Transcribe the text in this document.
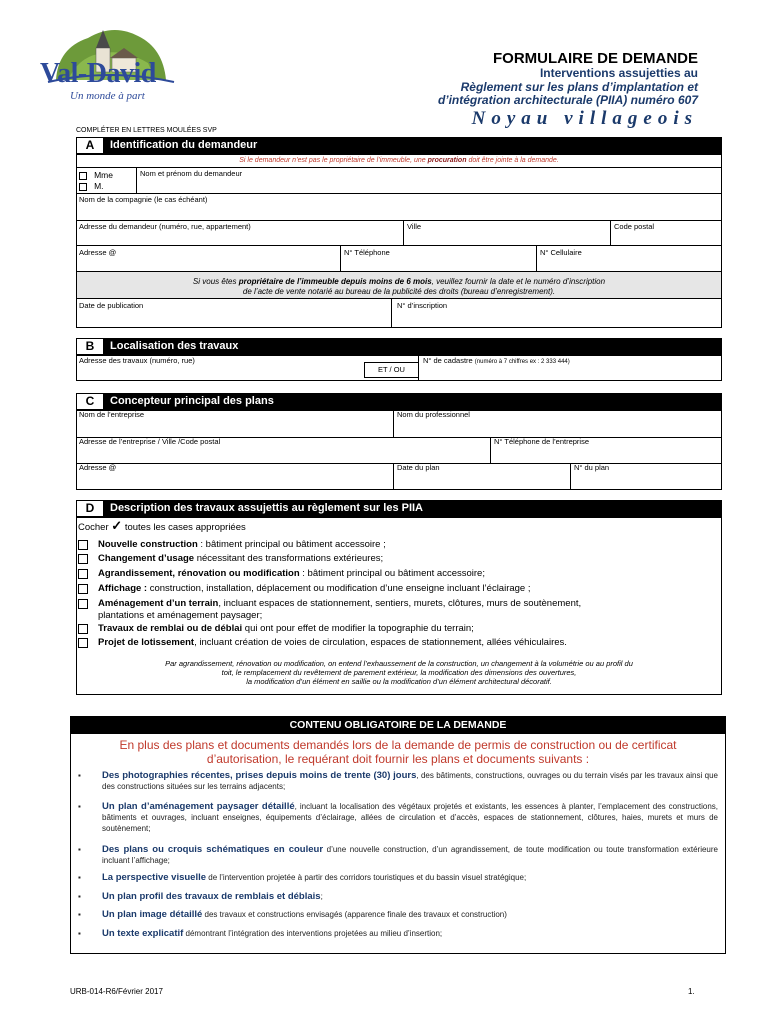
Val-David
Un monde à part
FORMULAIRE DE DEMANDE
Interventions assujetties au
Règlement sur les plans d’implantation et
d’intégration architecturale (PIIA) numéro 607
Noyau villageois
COMPLÉTER EN LETTRES MOULÉES SVP
A	Identification du demandeur
Si le demandeur n’est pas le propriétaire de l’immeuble, une procuration doit être jointe à la demande.
Mme
M.
Nom et prénom du demandeur
Nom de la compagnie (le cas échéant)
Adresse du demandeur (numéro, rue, appartement)	Ville	Code postal
Adresse @	N° Téléphone	N° Cellulaire
Si vous êtes propriétaire de l’immeuble depuis moins de 6 mois, veuillez fournir la date et le numéro d’inscription
de l’acte de vente notarié au bureau de la publicité des droits (bureau d’enregistrement).
Date de publication	N° d’inscription
B	Localisation des travaux
Adresse des travaux (numéro, rue)
ET / OU
N° de cadastre (numéro à 7 chiffres ex : 2 333 444)
C	Concepteur principal des plans
Nom de l’entreprise	Nom du professionnel
Adresse de l’entreprise / Ville /Code postal	N° Téléphone de l’entreprise
Adresse @	Date du plan	N° du plan
D	Description des travaux assujettis au règlement sur les PIIA
Cocher ✓ toutes les cases appropriées
Nouvelle construction : bâtiment principal ou bâtiment accessoire ;
Changement d’usage nécessitant des transformations extérieures;
Agrandissement, rénovation ou modification : bâtiment principal ou bâtiment accessoire;
Affichage : construction, installation, déplacement ou modification d’une enseigne incluant l’éclairage ;
Aménagement d’un terrain, incluant espaces de stationnement, sentiers, murets, clôtures, murs de soutènement,
plantations et aménagement paysager;
Travaux de remblai ou de déblai qui ont pour effet de modifier la topographie du terrain;
Projet de lotissement, incluant création de voies de circulation, espaces de stationnement, allées véhiculaires.
Par agrandissement, rénovation ou modification, on entend l’exhaussement de la construction, un changement à la volumétrie ou au profil du
toit, le remplacement du revêtement de parement extérieur, la modification des dimensions des ouvertures,
la modification d’un élément en saillie ou la modification d’un élément architectural décoratif.
CONTENU OBLIGATOIRE DE LA DEMANDE
En plus des plans et documents demandés lors de la demande de permis de construction ou de certificat
d’autorisation, le requérant doit fournir les plans et documents suivants :
▪ Des photographies récentes, prises depuis moins de trente (30) jours, des bâtiments, constructions, ouvrages ou du terrain visés par les travaux ainsi que des constructions situées sur les terrains adjacents;
▪ Un plan d’aménagement paysager détaillé, incluant la localisation des végétaux projetés et existants, les essences à planter, l’emplacement des constructions, bâtiments et ouvrages, incluant enseignes, équipements d’éclairage, allées de circulation et d’accès, espaces de stationnement, clôtures, haies, murets et murs de soutènement;
▪ Des plans ou croquis schématiques en couleur d’une nouvelle construction, d’un agrandissement, de toute modification ou toute transformation extérieure incluant l’affichage;
▪ La perspective visuelle de l’intervention projetée à partir des corridors touristiques et du bassin visuel stratégique;
▪ Un plan profil des travaux de remblais et déblais;
▪ Un plan image détaillé des travaux et constructions envisagés (apparence finale des travaux et construction)
▪ Un texte explicatif démontrant l’intégration des interventions projetées au milieu d’insertion;
URB-014-R6/Février 2017	1.
